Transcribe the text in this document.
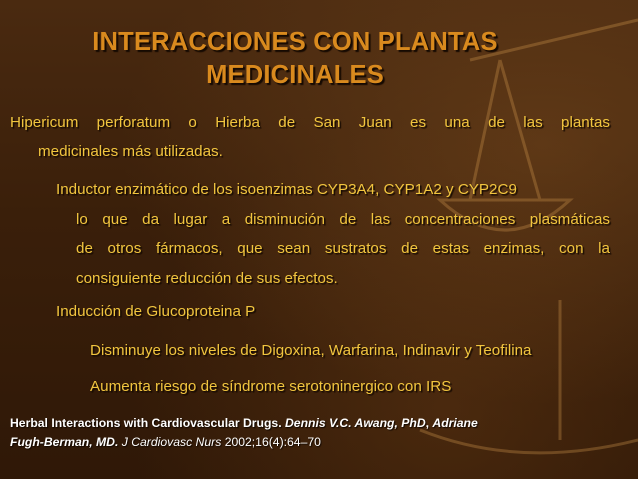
INTERACCIONES CON PLANTAS
MEDICINALES

Hipericum perforatum o Hierba de San Juan es una de las plantas
medicinales más utilizadas.

Inductor enzimático de los isoenzimas CYP3A4, CYP1A2 y CYP2C9
lo que da lugar a disminución de las concentraciones plasmáticas
de otros fármacos, que sean sustratos de estas enzimas, con la
consiguiente reducción de sus efectos.

Inducción de Glucoproteina P

Disminuye los niveles de Digoxina, Warfarina, Indinavir y Teofilina

Aumenta riesgo de síndrome serotoninergico con IRS

Herbal Interactions with Cardiovascular Drugs. Dennis V.C. Awang, PhD, Adriane
Fugh-Berman, MD. J Cardiovasc Nurs 2002;16(4):64–70
